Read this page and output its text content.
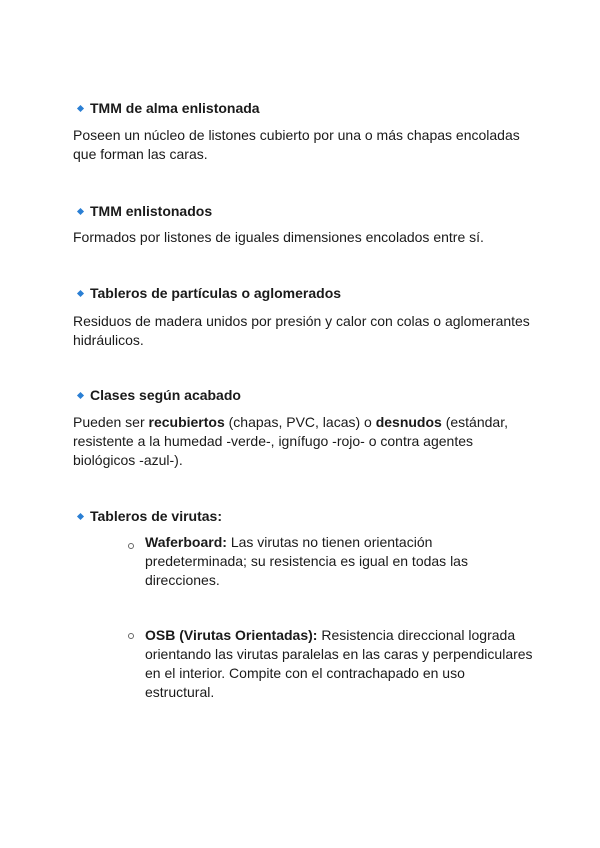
TMM de alma enlistonada
Poseen un núcleo de listones cubierto por una o más chapas encoladas que forman las caras.
TMM enlistonados
Formados por listones de iguales dimensiones encolados entre sí.
Tableros de partículas o aglomerados
Residuos de madera unidos por presión y calor con colas o aglomerantes hidráulicos.
Clases según acabado
Pueden ser recubiertos (chapas, PVC, lacas) o desnudos (estándar, resistente a la humedad -verde-, ignífugo -rojo- o contra agentes biológicos -azul-).
Tableros de virutas:
Waferboard: Las virutas no tienen orientación predeterminada; su resistencia es igual en todas las direcciones.
OSB (Virutas Orientadas): Resistencia direccional lograda orientando las virutas paralelas en las caras y perpendiculares en el interior. Compite con el contrachapado en uso estructural.
